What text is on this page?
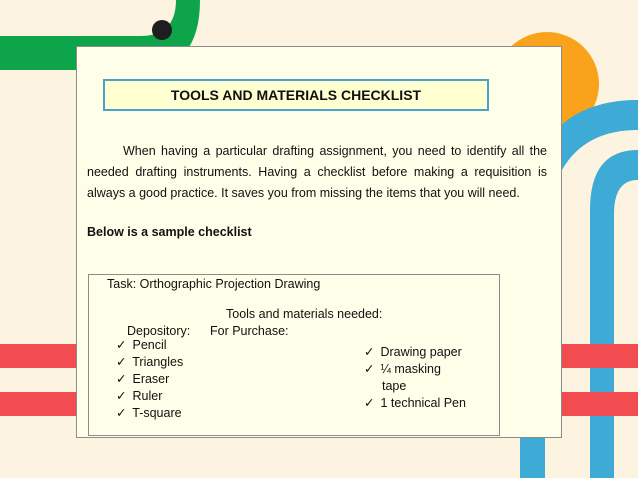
TOOLS AND MATERIALS CHECKLIST

When having a particular drafting assignment, you need to identify all the needed drafting instruments. Having a checklist before making a requisition is always a good practice. It saves you from missing the items that you will need.

Below is a sample checklist

Task: Orthographic Projection Drawing
Tools and materials needed:
Depository: For Purchase:
✓ Pencil
✓ Triangles
✓ Eraser
✓ Ruler
✓ T-square
✓ Drawing paper
✓ ¼ masking
tape
✓ 1 technical Pen
